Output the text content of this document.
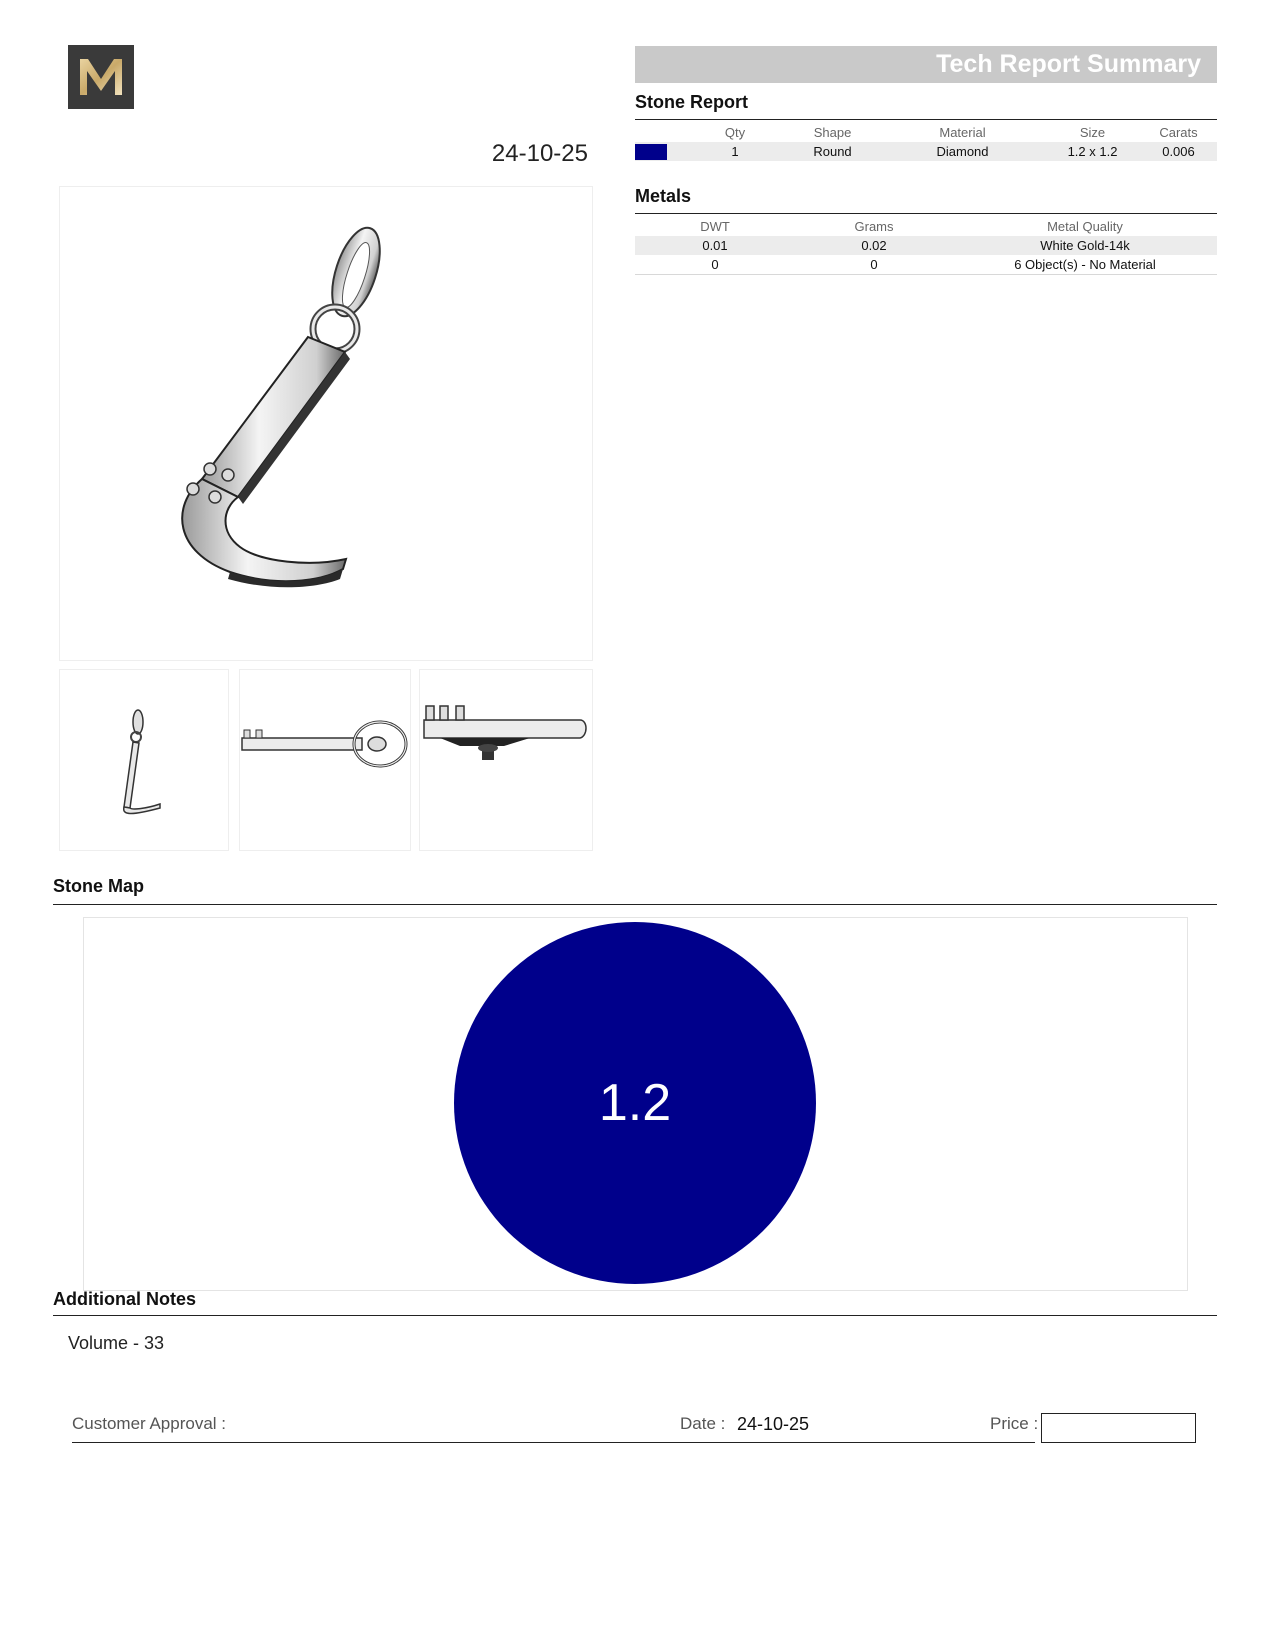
24-10-25
Tech Report Summary
Stone Report
	Qty	Shape	Material	Size	Carats
	1	Round	Diamond	1.2 x 1.2	0.006
Metals
DWT	Grams	Metal Quality
0.01	0.02	White Gold-14k
0	0	6 Object(s) - No Material
Stone Map
1.2
Additional Notes
Volume - 33
Customer Approval :	Date : 24-10-25	Price :
